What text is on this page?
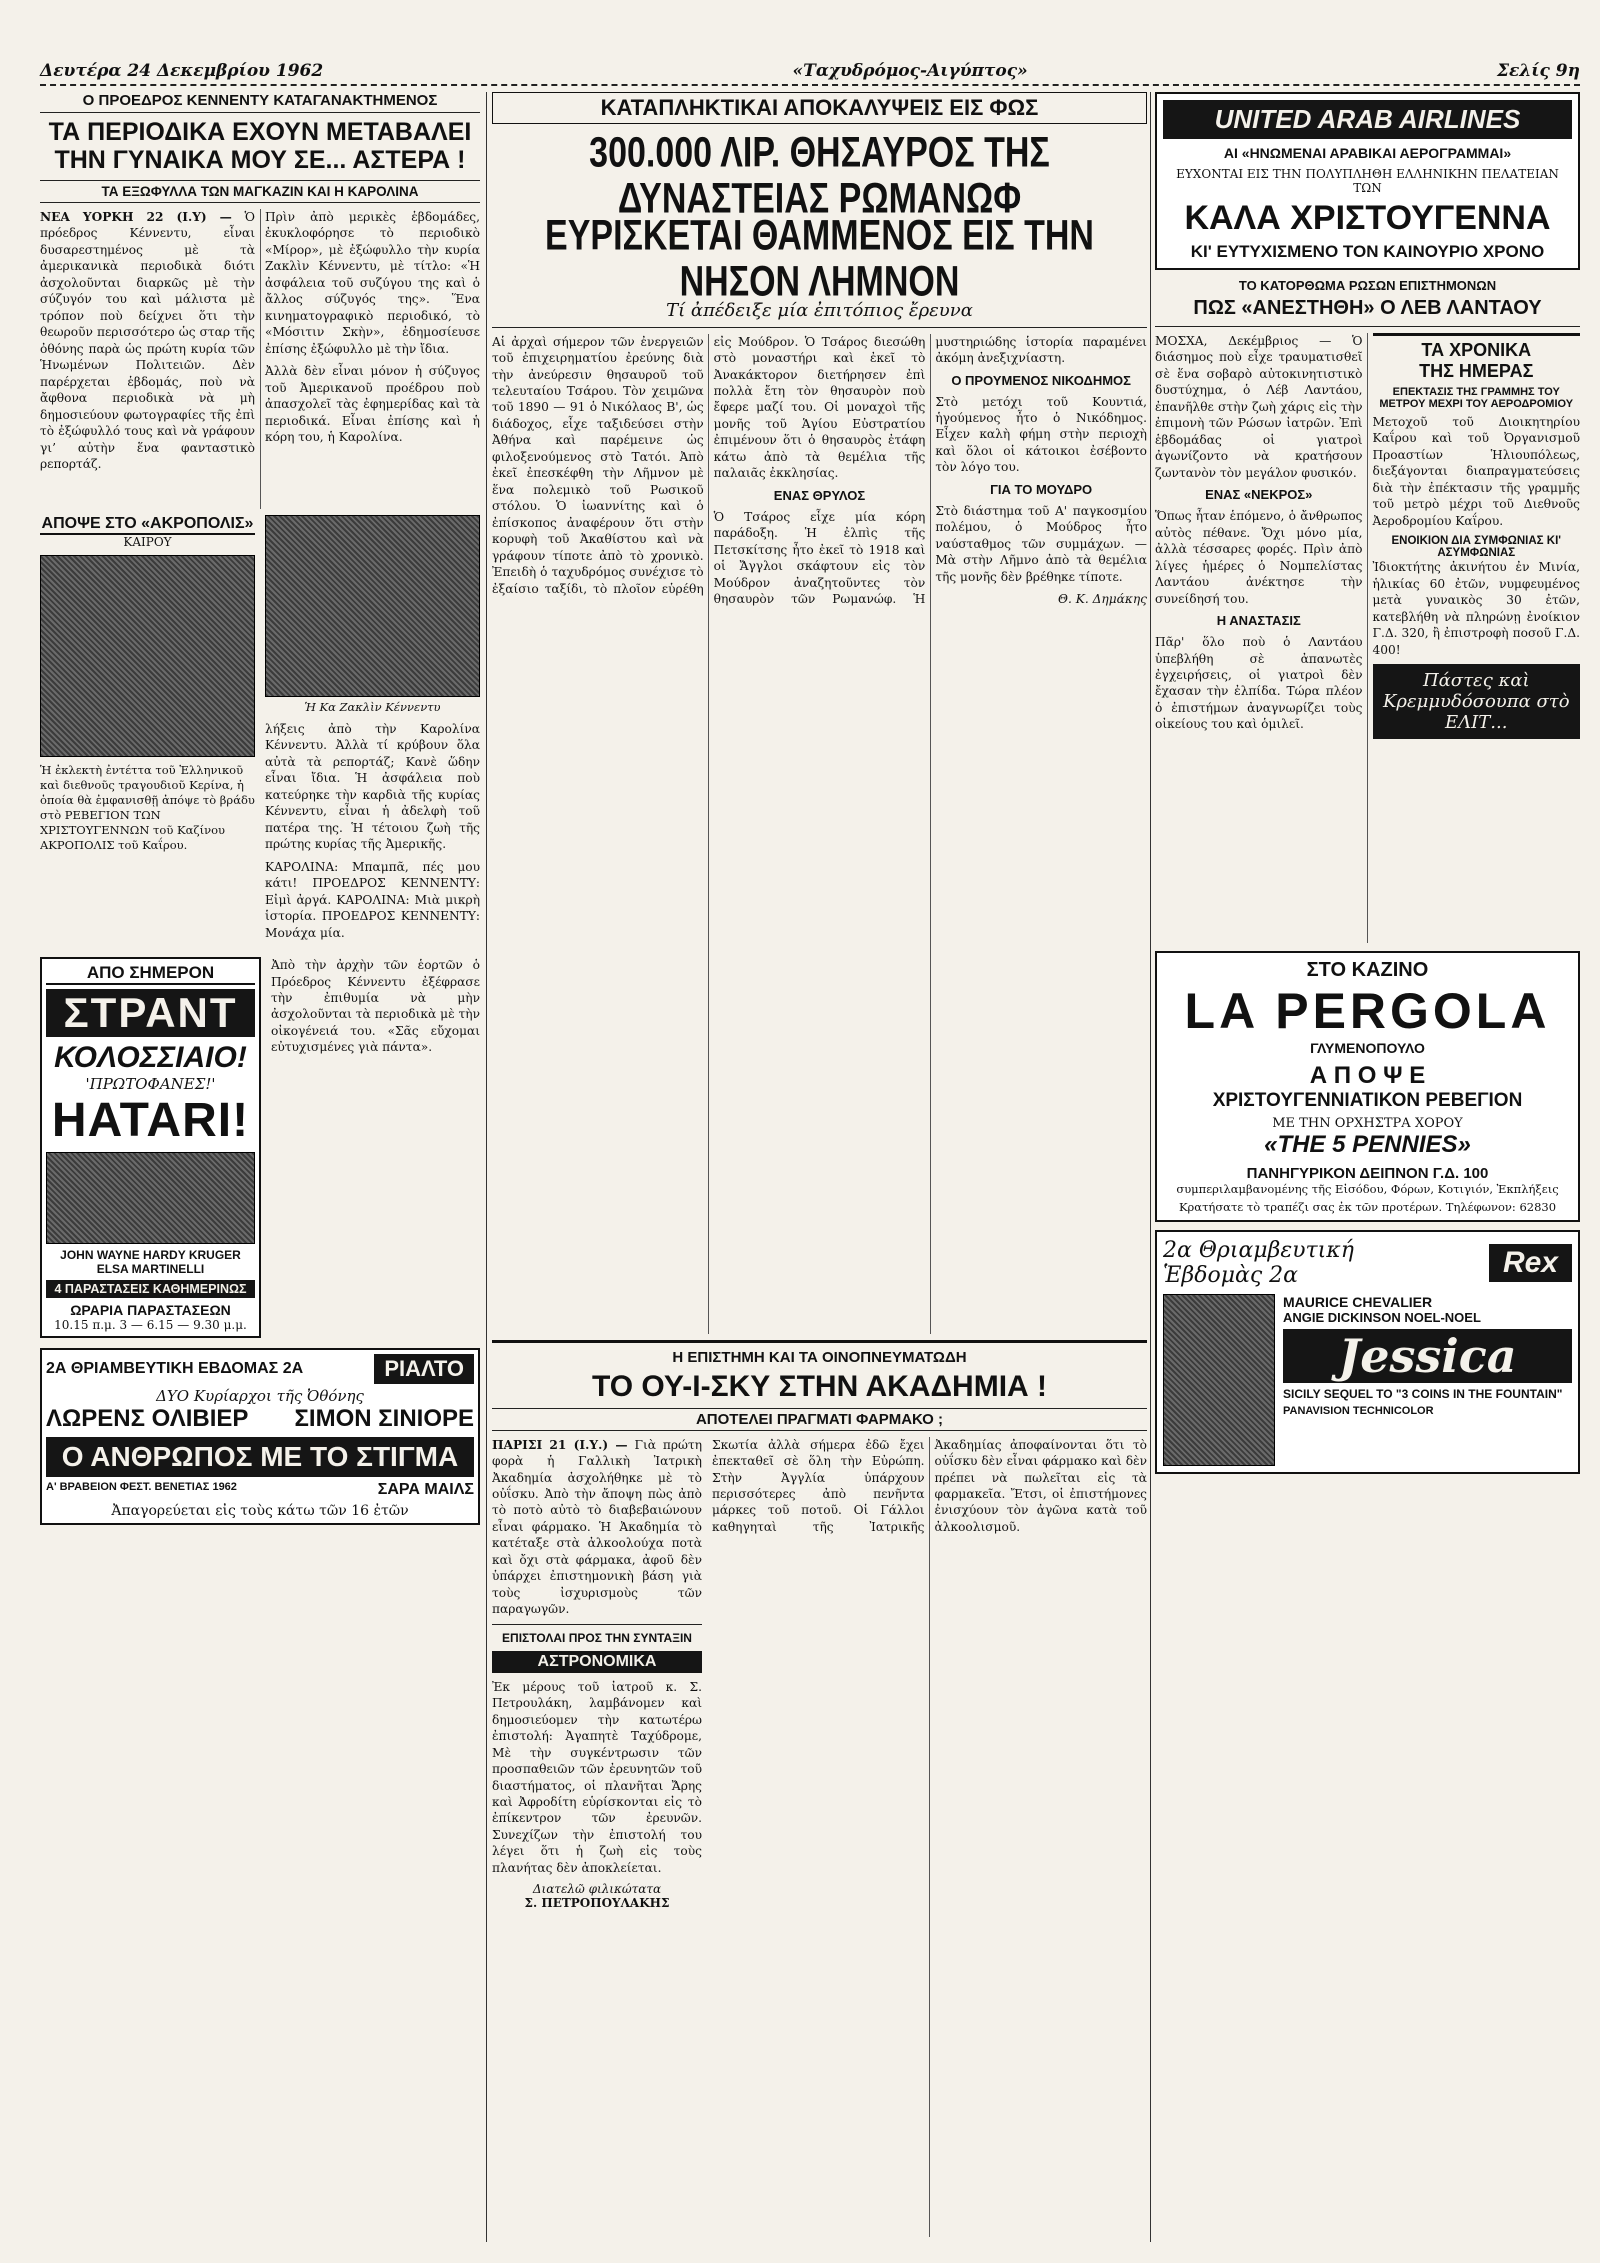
Δευτέρα 24 Δεκεμβρίου 1962	«Ταχυδρόμος-Αιγύπτος»	Σελίς 9η
Ο ΠΡΟΕΔΡΟΣ ΚΕΝΝΕΝΤΥ ΚΑΤΑΓΑΝΑΚΤΗΜΕΝΟΣ
ΤΑ ΠΕΡΙΟΔΙΚΑ ΕΧΟΥΝ ΜΕΤΑΒΑΛΕΙ
ΤΗΝ ΓΥΝΑΙΚΑ ΜΟΥ ΣΕ... ΑΣΤΕΡΑ !
ΤΑ ΕΞΩΦΥΛΛΑ ΤΩΝ ΜΑΓΚΑΖΙΝ ΚΑΙ Η ΚΑΡΟΛΙΝΑ

ΝΕΑ ΥΟΡΚΗ 22 (Ι.Υ) — Ὁ πρόεδρος Κέννεντυ, εἶναι δυσαρεστημένος μὲ τὰ ἀμερικανικὰ περιοδικὰ διότι ἀσχολοῦνται διαρκῶς μὲ τὴν σύζυγόν του καὶ μάλιστα μὲ τρόπον ποὺ δείχνει ὅτι τὴν θεωροῦν περισσότερο ὡς σταρ τῆς ὀθόνης παρὰ ὡς πρώτη κυρία τῶν Ἡνωμένων Πολιτειῶν. Δὲν παρέρχεται ἑβδομάς, ποὺ νὰ ἄφθονα περιοδικὰ νὰ μὴ δημοσιεύουν φωτογραφίες τῆς ἐπὶ τὸ ἐξώφυλλό τους καὶ νὰ γράφουν γι’ αὐτὴν ἕνα φανταστικὸ ρεπορτάζ.

Πρὶν ἀπὸ μερικὲς ἑβδομάδες, ἐκυκλοφόρησε τὸ περιοδικὸ «Μίρορ», μὲ ἐξώφυλλο τὴν κυρία Ζακλὶν Κέννεντυ, μὲ τίτλο: «Ἡ ἀσφάλεια τοῦ συζύγου της καὶ ὁ ἄλλος σύζυγός της». Ἕνα κινηματογραφικὸ περιοδικό, τὸ «Μόσιτιν Σκὴν», ἐδημοσίευσε ἐπίσης ἐξώφυλλο μὲ τὴν ἴδια.

Ἀλλὰ δὲν εἶναι μόνον ἡ σύζυγος τοῦ Ἀμερικανοῦ προέδρου ποὺ ἀπασχολεῖ τὰς ἐφημερίδας καὶ τὰ περιοδικά. Εἶναι ἐπίσης καὶ ἡ κόρη του, ἡ Καρολίνα.

ΑΠΟΨΕ ΣΤΟ «ΑΚΡΟΠΟΛΙΣ»
ΚΑΙΡΟΥ
Ἡ ἐκλεκτὴ ἐντέττα τοῦ Ἑλληνικοῦ καὶ διεθνοῦς τραγουδιοῦ Κερίνα, ἡ ὁποία θὰ ἐμφανισθῇ ἀπόψε τὸ βράδυ στὸ ΡΕΒΕΓΙΟΝ ΤΩΝ ΧΡΙΣΤΟΥΓΕΝΝΩΝ τοῦ Καζίνου ΑΚΡΟΠΟΛΙΣ τοῦ Καΐρου.
Ἡ Κα Ζακλὶν Κέννεντυ

λήξεις ἀπὸ τὴν Καρολίνα Κέννεντυ. Ἀλλὰ τί κρύβουν ὅλα αὐτὰ τὰ ρεπορτάζ; Κανὲ ὥδην εἶναι ἴδια. Ἡ ἀσφάλεια ποὺ κατεύρηκε τὴν καρδιὰ τῆς κυρίας Κέννεντυ, εἶναι ἡ ἀδελφὴ τοῦ πατέρα της. Ἡ τέτοιου ζωὴ τῆς πρώτης κυρίας τῆς Ἀμερικῆς.

ΚΑΡΟΛΙΝΑ: Μπαμπᾶ, πές μου κάτι! ΠΡΟΕΔΡΟΣ ΚΕΝΝΕΝΤΥ: Εἰμὶ ἀργά. ΚΑΡΟΛΙΝΑ: Μιὰ μικρὴ ἱστορία. ΠΡΟΕΔΡΟΣ ΚΕΝΝΕΝΤΥ: Μονάχα μία.

ΑΠΟ ΣΗΜΕΡΟΝ
ΣΤΡΑΝΤ
ΚΟΛΟΣΣΙΑΙΟ!
'ΠΡΩΤΟΦΑΝΕΣ!'
HATARI!
JOHN WAYNE HARDY KRUGER ELSA MARTINELLI
4 ΠΑΡΑΣΤΑΣΕΙΣ ΚΑΘΗΜΕΡΙΝΩΣ
ΩΡΑΡΙΑ ΠΑΡΑΣΤΑΣΕΩΝ
10.15 π.μ. 3 — 6.15 — 9.30 μ.μ.

Ἀπὸ τὴν ἀρχὴν τῶν ἑορτῶν ὁ Πρόεδρος Κέννεντυ ἐξέφρασε τὴν ἐπιθυμία νὰ μὴν ἀσχολοῦνται τὰ περιοδικὰ μὲ τὴν οἰκογένειά του. «Σᾶς εὔχομαι εὐτυχισμένες γιὰ πάντα».

2Α ΘΡΙΑΜΒΕΥΤΙΚΗ ΕΒΔΟΜΑΣ 2Α	ΡΙΑΛΤΟ
ΔΥΟ Κυρίαρχοι τῆς Ὀθόνης
ΛΩΡΕΝΣ ΟΛΙΒΙΕΡ ΣΙΜΟΝ ΣΙΝΙΟΡΕ
Ο ΑΝΘΡΩΠΟΣ ΜΕ ΤΟ ΣΤΙΓΜΑ
Α' ΒΡΑΒΕΙΟΝ ΦΕΣΤ. ΒΕΝΕΤΙΑΣ 1962	ΣΑΡΑ ΜΑΙΛΣ
Ἀπαγορεύεται εἰς τοὺς κάτω τῶν 16 ἐτῶν
ΚΑΤΑΠΛΗΚΤΙΚΑΙ ΑΠΟΚΑΛΥΨΕΙΣ ΕΙΣ ΦΩΣ
300.000 ΛΙΡ. ΘΗΣΑΥΡΟΣ ΤΗΣ ΔΥΝΑΣΤΕΙΑΣ ΡΩΜΑΝΩΦ
ΕΥΡΙΣΚΕΤΑΙ ΘΑΜΜΕΝΟΣ ΕΙΣ ΤΗΝ ΝΗΣΟΝ ΛΗΜΝΟΝ
Τί ἀπέδειξε μία ἐπιτόπιος ἔρευνα

Αἱ ἀρχαὶ σήμερον τῶν ἐνεργειῶν τοῦ ἐπιχειρηματίου ἐρεύνης διὰ τὴν ἀνεύρεσιν θησαυροῦ τοῦ τελευταίου Τσάρου. Τὸν χειμῶνα τοῦ 1890 — 91 ὁ Νικόλαος Β', ὡς διάδοχος, εἶχε ταξιδεύσει στὴν Ἀθήνα καὶ παρέμεινε ὡς φιλοξενούμενος στὸ Τατόι. Ἀπὸ ἐκεῖ ἐπεσκέφθη τὴν Λῆμνον μὲ ἕνα πολεμικὸ τοῦ Ρωσικοῦ στόλου. Ὁ ἰωαννίτης καὶ ὁ ἐπίσκοπος ἀναφέρουν ὅτι στὴν κορυφὴ τοῦ Ἀκαθίστου καὶ νὰ γράφουν τίποτε ἀπὸ τὸ χρονικὸ. Ἐπειδὴ ὁ ταχυδρόμος συνέχισε τὸ ἐξαίσιο ταξίδι, τὸ πλοῖον εὑρέθη εἰς Μούδρον. Ὁ Τσάρος διεσώθη στὸ μοναστήρι καὶ ἐκεῖ τὸ Ἀνακάκτορον διετήρησεν ἐπὶ πολλὰ ἔτη τὸν θησαυρὸν ποὺ ἔφερε μαζί του. Οἱ μοναχοὶ τῆς μονῆς τοῦ Ἁγίου Εὐστρατίου ἐπιμένουν ὅτι ὁ θησαυρὸς ἐτάφη κάτω ἀπὸ τὰ θεμέλια τῆς παλαιᾶς ἐκκλησίας.

ΕΝΑΣ ΘΡΥΛΟΣ

Ὁ Τσάρος εἶχε μία κόρη παράδοξη. Ἡ ἐλπὶς τῆς Πετσκίτσης ἦτο ἐκεῖ τὸ 1918 καὶ οἱ Ἄγγλοι σκάφτουν εἰς τὸν Μούδρον ἀναζητοῦντες τὸν θησαυρὸν τῶν Ρωμανώφ. Ἡ μυστηριώδης ἱστορία παραμένει ἀκόμη ἀνεξιχνίαστη.

Ο ΠΡΟΥΜΕΝΟΣ ΝΙΚΟΔΗΜΟΣ

Στὸ μετόχι τοῦ Κουντιά, ἡγούμενος ἦτο ὁ Νικόδημος. Εἶχεν καλὴ φήμη στὴν περιοχὴ καὶ ὅλοι οἱ κάτοικοι ἐσέβοντο τὸν λόγο του.

ΓΙΑ ΤΟ ΜΟΥΔΡΟ

Στὸ διάστημα τοῦ Α' παγκοσμίου πολέμου, ὁ Μούδρος ἦτο ναύσταθμος τῶν συμμάχων. — Μὰ στὴν Λῆμνο ἀπὸ τὰ θεμέλια τῆς μονῆς δὲν βρέθηκε τίποτε.

Θ. Κ. Δημάκης

Η ΕΠΙΣΤΗΜΗ ΚΑΙ ΤΑ ΟΙΝΟΠΝΕΥΜΑΤΩΔΗ
ΤΟ ΟΥ-Ι-ΣΚΥ ΣΤΗΝ ΑΚΑΔΗΜΙΑ !
ΑΠΟΤΕΛΕΙ ΠΡΑΓΜΑΤΙ ΦΑΡΜΑΚΟ ;

ΠΑΡΙΣΙ 21 (Ι.Υ.) — Γιὰ πρώτη φορὰ ἡ Γαλλικὴ Ἰατρικὴ Ἀκαδημία ἀσχολήθηκε μὲ τὸ οὐΐσκυ. Ἀπὸ τὴν ἄποψη πὼς ἀπὸ τὸ ποτὸ αὐτὸ τὸ διαβεβαιώνουν εἶναι φάρμακο. Ἡ Ἀκαδημία τὸ κατέταξε στὰ ἀλκοολούχα ποτὰ καὶ ὄχι στὰ φάρμακα, ἀφοῦ δὲν ὑπάρχει ἐπιστημονικὴ βάση γιὰ τοὺς ἰσχυρισμοὺς τῶν παραγωγῶν.

ΕΠΙΣΤΟΛΑΙ ΠΡΟΣ ΤΗΝ ΣΥΝΤΑΞΙΝ
ΑΣΤΡΟΝΟΜΙΚΑ

Ἐκ μέρους τοῦ ἰατροῦ κ. Σ. Πετρουλάκη, λαμβάνομεν καὶ δημοσιεύομεν τὴν κατωτέρω ἐπιστολή: Ἀγαπητὲ Ταχύδρομε, Μὲ τὴν συγκέντρωσιν τῶν προσπαθειῶν τῶν ἐρευνητῶν τοῦ διαστήματος, οἱ πλανῆται Ἄρης καὶ Ἀφροδίτη εὑρίσκονται εἰς τὸ ἐπίκεντρον τῶν ἐρευνῶν. Συνεχίζων τὴν ἐπιστολή του λέγει ὅτι ἡ ζωὴ εἰς τοὺς πλανήτας δὲν ἀποκλείεται.

Διατελῶ φιλικώτατα
Σ. ΠΕΤΡΟΠΟΥΛΑΚΗΣ

Σκωτία ἀλλὰ σήμερα ἐδῶ ἔχει ἐπεκταθεῖ σὲ ὅλη τὴν Εὐρώπη. Στὴν Ἀγγλία ὑπάρχουν περισσότερες ἀπὸ πενῆντα μάρκες τοῦ ποτοῦ. Οἱ Γάλλοι καθηγηταὶ τῆς Ἰατρικῆς Ἀκαδημίας ἀποφαίνονται ὅτι τὸ οὐΐσκυ δὲν εἶναι φάρμακο καὶ δὲν πρέπει νὰ πωλεῖται εἰς τὰ φαρμακεῖα. Ἔτσι, οἱ ἐπιστήμονες ἐνισχύουν τὸν ἀγῶνα κατὰ τοῦ ἀλκοολισμοῦ.

UNITED ARAB AIRLINES
ΑΙ «ΗΝΩΜΕΝΑΙ ΑΡΑΒΙΚΑΙ ΑΕΡΟΓΡΑΜΜΑΙ»
ΕΥΧΟΝΤΑΙ ΕΙΣ ΤΗΝ ΠΟΛΥΠΛΗΘΗ ΕΛΛΗΝΙΚΗΝ ΠΕΛΑΤΕΙΑΝ ΤΩΝ
ΚΑΛΑ ΧΡΙΣΤΟΥΓΕΝΝΑ
ΚΙ' ΕΥΤΥΧΙΣΜΕΝΟ ΤΟΝ ΚΑΙΝΟΥΡΙΟ ΧΡΟΝΟ
ΤΟ ΚΑΤΟΡΘΩΜΑ ΡΩΣΩΝ ΕΠΙΣΤΗΜΟΝΩΝ
ΠΩΣ «ΑΝΕΣΤΗΘΗ» Ο ΛΕΒ ΛΑΝΤΑΟΥ

ΜΟΣΧΑ, Δεκέμβριος — Ὁ διάσημος ποὺ εἶχε τραυματισθεῖ σὲ ἕνα σοβαρὸ αὐτοκινητιστικὸ δυστύχημα, ὁ Λέβ Λαντάου, ἐπανῆλθε στὴν ζωὴ χάρις εἰς τὴν ἐπιμονὴ τῶν Ρώσων ἰατρῶν. Ἐπὶ ἑβδομάδας οἱ γιατροὶ ἀγωνίζοντο νὰ κρατήσουν ζωντανὸν τὸν μεγάλον φυσικόν.

ΕΝΑΣ «ΝΕΚΡΟΣ»

Ὅπως ἦταν ἑπόμενο, ὁ ἄνθρωπος αὐτὸς πέθανε. Ὄχι μόνο μία, ἀλλὰ τέσσαρες φορές. Πρὶν ἀπὸ λίγες ἡμέρες ὁ Νομπελίστας Λαντάου ἀνέκτησε τὴν συνείδησή του.

Η ΑΝΑΣΤΑΣΙΣ

Πᾶρ' ὅλο ποὺ ὁ Λαντάου ὑπεβλήθη σὲ ἀπανωτὲς ἐγχειρήσεις, οἱ γιατροὶ δὲν ἔχασαν τὴν ἐλπίδα. Τώρα πλέον ὁ ἐπιστήμων ἀναγνωρίζει τοὺς οἰκείους του καὶ ὁμιλεῖ.

ΤΑ ΧΡΟΝΙΚΑ
ΤΗΣ ΗΜΕΡΑΣ
ΕΠΕΚΤΑΣΙΣ ΤΗΣ ΓΡΑΜΜΗΣ ΤΟΥ ΜΕΤΡΟΥ ΜΕΧΡΙ ΤΟΥ ΑΕΡΟΔΡΟΜΙΟΥ

Μετοχοῦ τοῦ Διοικητηρίου Καΐρου καὶ τοῦ Ὀργανισμοῦ Προαστίων Ἡλιουπόλεως, διεξάγονται διαπραγματεύσεις διὰ τὴν ἐπέκτασιν τῆς γραμμῆς τοῦ μετρὸ μέχρι τοῦ Διεθνοῦς Ἀεροδρομίου Καΐρου.

ΕΝΟΙΚΙΟΝ ΔΙΑ ΣΥΜΦΩΝΙΑΣ ΚΙ' ΑΣΥΜΦΩΝΙΑΣ

Ἰδιοκτήτης ἀκινήτου ἐν Μινία, ἡλικίας 60 ἐτῶν, νυμφευμένος μετὰ γυναικὸς 30 ἐτῶν, κατεβλήθη νὰ πληρώνῃ ἐνοίκιον Γ.Δ. 320, ἢ ἐπιστροφὴ ποσοῦ Γ.Δ. 400!

Πάστες καὶ Κρεμμυδόσουπα στὸ ΕΛΙΤ...
ΣΤΟ ΚΑΖΙΝΟ
LA PERGOLA
ΓΛΥΜΕΝΟΠΟΥΛΟ
Α Π Ο Ψ Ε
ΧΡΙΣΤΟΥΓΕΝΝΙΑΤΙΚΟΝ ΡΕΒΕΓΙΟΝ
ΜΕ ΤΗΝ ΟΡΧΗΣΤΡΑ ΧΟΡΟΥ
«THE 5 PENNIES»
ΠΑΝΗΓΥΡΙΚΟΝ ΔΕΙΠΝΟΝ Γ.Δ. 100
συμπεριλαμβανομένης τῆς Εἰσόδου, Φόρων, Κοτιγιόν, Ἐκπλήξεις
Κρατήσατε τὸ τραπέζι σας ἐκ τῶν προτέρων. Τηλέφωνον: 62830
2α Θριαμβευτική Ἑβδομὰς 2α	Rex
MAURICE CHEVALIER
ANGIE DICKINSON NOEL-NOEL
Jessica
SICILY SEQUEL TO "3 COINS IN THE FOUNTAIN"
PANAVISION TECHNICOLOR
